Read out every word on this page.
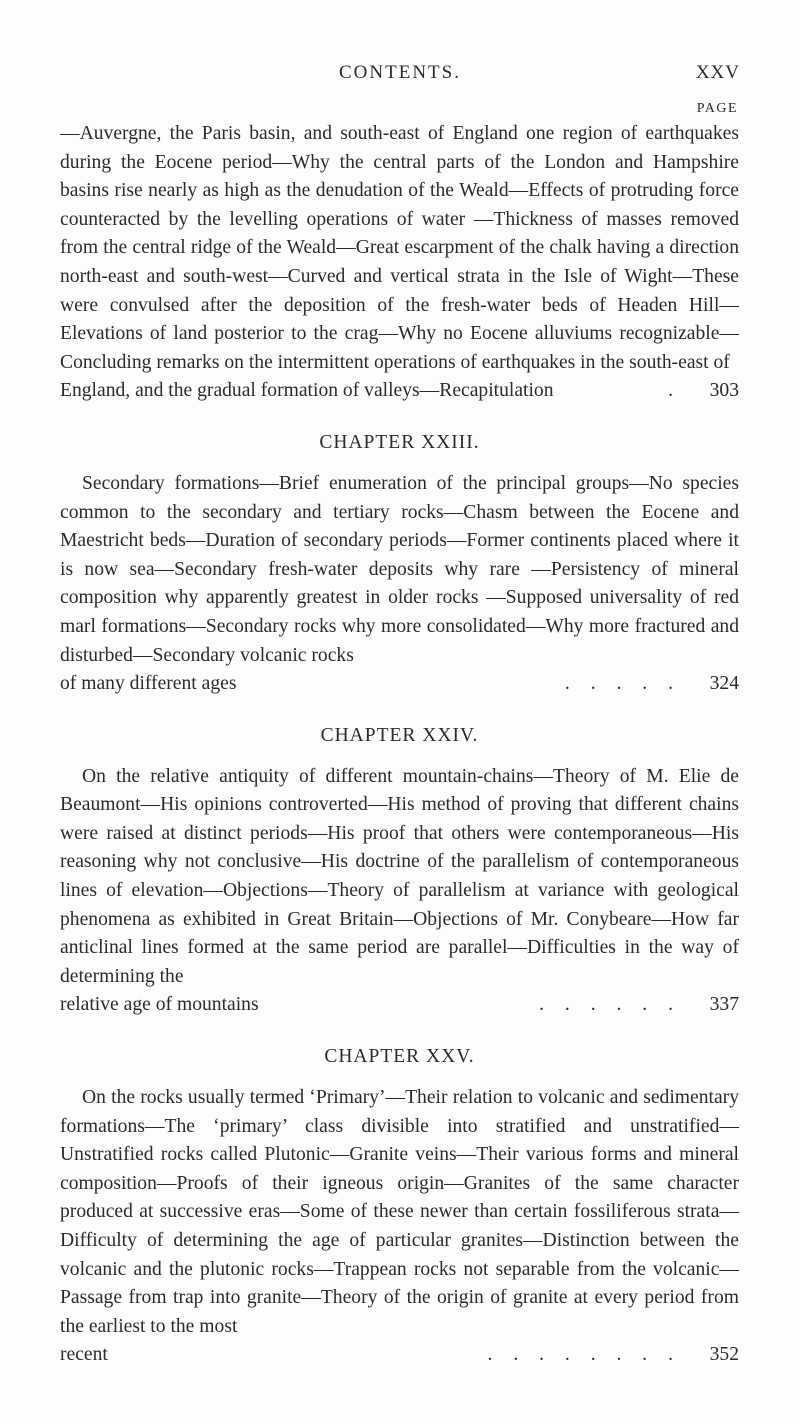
CONTENTS.	XXV
PAGE

—Auvergne, the Paris basin, and south-east of England one region of earthquakes during the Eocene period—Why the central parts of the London and Hampshire basins rise nearly as high as the denudation of the Weald—Effects of protruding force counteracted by the levelling operations of water —Thickness of masses removed from the central ridge of the Weald—Great escarpment of the chalk having a direction north-east and south-west—Curved and vertical strata in the Isle of Wight—These were convulsed after the deposition of the fresh-water beds of Headen Hill—Elevations of land posterior to the crag—Why no Eocene alluviums recognizable—Concluding remarks on the intermittent operations of earthquakes in the south-east of

England, and the gradual formation of valleys—Recapitulation	.	303
CHAPTER XXIII.

Secondary formations—Brief enumeration of the principal groups—No species common to the secondary and tertiary rocks—Chasm between the Eocene and Maestricht beds—Duration of secondary periods—Former continents placed where it is now sea—Secondary fresh-water deposits why rare —Persistency of mineral composition why apparently greatest in older rocks —Supposed universality of red marl formations—Secondary rocks why more consolidated—Why more fractured and disturbed—Secondary volcanic rocks

of many different ages	. . . . .	324
CHAPTER XXIV.

On the relative antiquity of different mountain-chains—Theory of M. Elie de Beaumont—His opinions controverted—His method of proving that different chains were raised at distinct periods—His proof that others were contemporaneous—His reasoning why not conclusive—His doctrine of the parallelism of contemporaneous lines of elevation—Objections—Theory of parallelism at variance with geological phenomena as exhibited in Great Britain—Objections of Mr. Conybeare—How far anticlinal lines formed at the same period are parallel—Difficulties in the way of determining the

relative age of mountains	. . . . . .	337
CHAPTER XXV.

On the rocks usually termed ‘Primary’—Their relation to volcanic and sedimentary formations—The ‘primary’ class divisible into stratified and unstratified—Unstratified rocks called Plutonic—Granite veins—Their various forms and mineral composition—Proofs of their igneous origin—Granites of the same character produced at successive eras—Some of these newer than certain fossiliferous strata—Difficulty of determining the age of particular granites—Distinction between the volcanic and the plutonic rocks—Trappean rocks not separable from the volcanic—Passage from trap into granite—Theory of the origin of granite at every period from the earliest to the most

recent	. . . . . . . .	352
